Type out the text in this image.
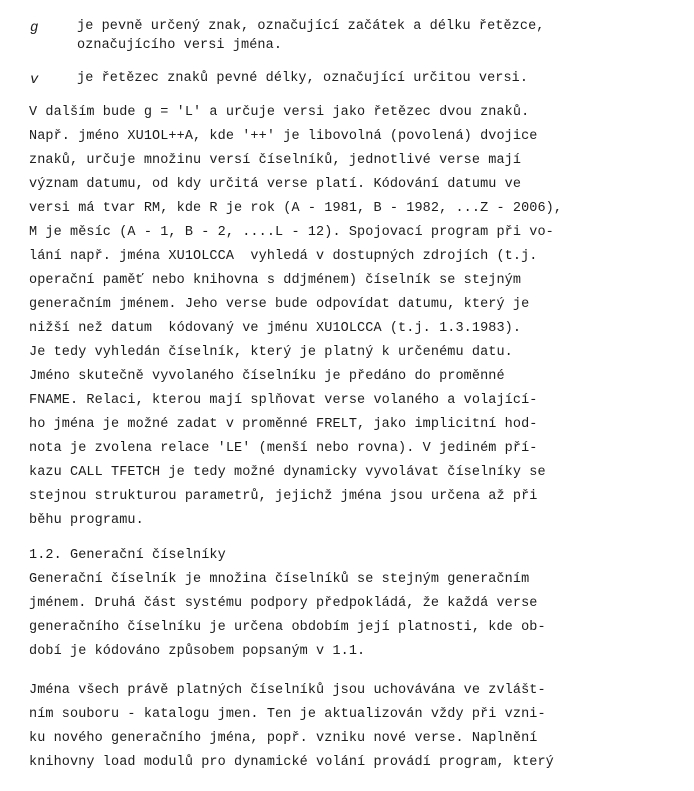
g	je pevně určený znak, označující začátek a délku řetězce,
označujícího versi jména.
v	je řetězec znaků pevné délky, označující určitou versi.
V dalším bude g = 'L' a určuje versi jako řetězec dvou znaků.
Např. jméno XU1OL++A, kde '++' je libovolná (povolená) dvojice
znaků, určuje množinu versí číselníků, jednotlivé verse mají
význam datumu, od kdy určitá verse platí. Kódování datumu ve
versi má tvar RM, kde R je rok (A - 1981, B - 1982, ...Z - 2006),
M je měsíc (A - 1, B - 2, ....L - 12). Spojovací program při vo-
lání např. jména XU1OLCCA  vyhledá v dostupných zdrojích (t.j.
operační paměť nebo knihovna s ddjménem) číselník se stejným
generačním jménem. Jeho verse bude odpovídat datumu, který je
nižší než datum  kódovaný ve jménu XU1OLCCA (t.j. 1.3.1983).
Je tedy vyhledán číselník, který je platný k určenému datu.
Jméno skutečně vyvolaného číselníku je předáno do proměnné
FNAME. Relaci, kterou mají splňovat verse volaného a volající-
ho jména je možné zadat v proměnné FRELT, jako implicitní hod-
nota je zvolena relace 'LE' (menší nebo rovna). V jediném pří-
kazu CALL TFETCH je tedy možné dynamicky vyvolávat číselníky se
stejnou strukturou parametrů, jejichž jména jsou určena až při
běhu programu.
1.2. Generační číselníky
Generační číselník je množina číselníků se stejným generačním
jménem. Druhá část systému podpory předpokládá, že každá verse
generačního číselníku je určena obdobím její platnosti, kde ob-
dobí je kódováno způsobem popsaným v 1.1.
Jména všech právě platných číselníků jsou uchovávána ve zvlášt-
ním souboru - katalogu jmen. Ten je aktualizován vždy při vzni-
ku nového generačního jména, popř. vzniku nové verse. Naplnění
knihovny load modulů pro dynamické volání provádí program, který
